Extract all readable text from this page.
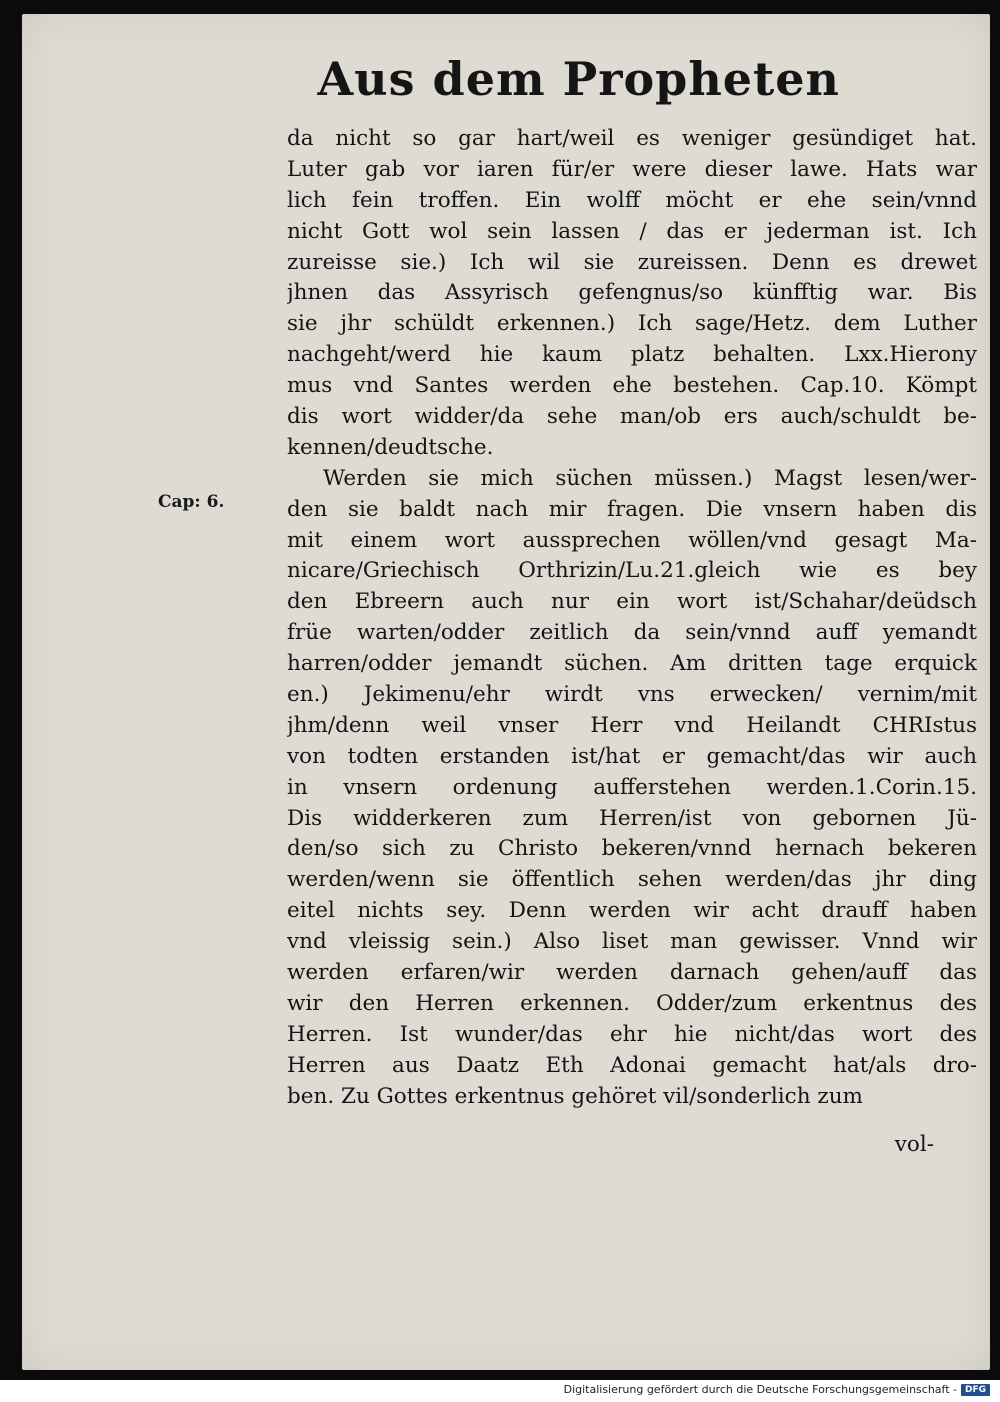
Aus dem Propheten
Cap: 6.
da nicht so gar hart/weil es weniger gesündiget hat.
Luter gab vor iaren für/er were dieser lawe. Hats war
lich fein troffen. Ein wolff möcht er ehe sein/vnnd
nicht Gott wol sein lassen / das er jederman ist. Ich
zureisse sie.) Ich wil sie zureissen. Denn es drewet
jhnen das Assyrisch gefengnus/so künfftig war. Bis
sie jhr schüldt erkennen.) Ich sage/Hetz. dem Luther
nachgeht/werd hie kaum platz behalten. Lxx.Hierony
mus vnd Santes werden ehe bestehen. Cap.10. Kömpt
dis wort widder/da sehe man/ob ers auch/schuldt be-
kennen/deudtsche.
Werden sie mich süchen müssen.) Magst lesen/wer-
den sie baldt nach mir fragen. Die vnsern haben dis
mit einem wort aussprechen wöllen/vnd gesagt Ma-
nicare/Griechisch Orthrizin/Lu.21.gleich wie es bey
den Ebreern auch nur ein wort ist/Schahar/deüdsch
früe warten/odder zeitlich da sein/vnnd auff yemandt
harren/odder jemandt süchen. Am dritten tage erquick
en.) Jekimenu/ehr wirdt vns erwecken/ vernim/mit
jhm/denn weil vnser Herr vnd Heilandt CHRIstus
von todten erstanden ist/hat er gemacht/das wir auch
in vnsern ordenung aufferstehen werden.1.Corin.15.
Dis widderkeren zum Herren/ist von gebornen Jü-
den/so sich zu Christo bekeren/vnnd hernach bekeren
werden/wenn sie öffentlich sehen werden/das jhr ding
eitel nichts sey. Denn werden wir acht drauff haben
vnd vleissig sein.) Also liset man gewisser. Vnnd wir
werden erfaren/wir werden darnach gehen/auff das
wir den Herren erkennen. Odder/zum erkentnus des
Herren. Ist wunder/das ehr hie nicht/das wort des
Herren aus Daatz Eth Adonai gemacht hat/als dro-
ben. Zu Gottes erkentnus gehöret vil/sonderlich zum
vol-
Digitalisierung gefördert durch die Deutsche Forschungsgemeinschaft - DFG
